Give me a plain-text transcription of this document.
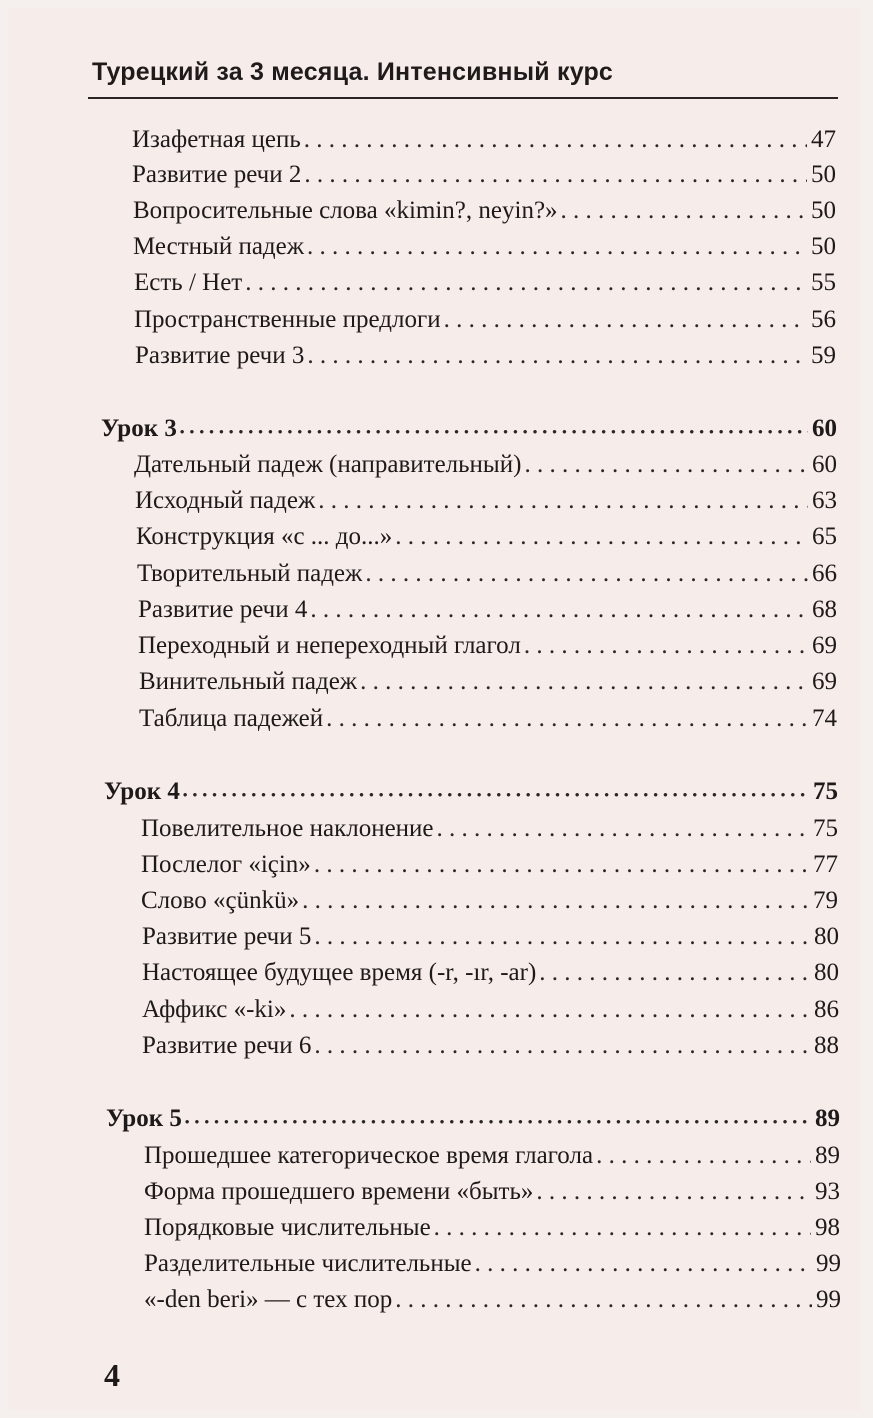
Турецкий за 3 месяца. Интенсивный курс
Изафетная цепь . . .	47
Развитие речи 2 . . .	50
Вопросительные слова «kimin?, neyin?» . . .	50
Местный падеж . . .	50
Есть / Нет . . .	55
Пространственные предлоги . . .	56
Развитие речи 3 . . .	59
Урок 3 • • •	60
Дательный падеж (направительный) . . .	60
Исходный падеж . . .	63
Конструкция «с ... до...» . . .	65
Творительный падеж . . .	66
Развитие речи 4 . . .	68
Переходный и непереходный глагол . . .	69
Винительный падеж . . .	69
Таблица падежей . . .	74
Урок 4 • • •	75
Повелительное наклонение . . .	75
Послелог «için» . . .	77
Слово «çünkü» . . .	79
Развитие речи 5 . . .	80
Настоящее будущее время (-r, -ır, -ar) . . .	80
Аффикс «-ki» . . .	86
Развитие речи 6 . . .	88
Урок 5 • • •	89
Прошедшее категорическое время глагола . . .	89
Форма прошедшего времени «быть» . . .	93
Порядковые числительные . . .	98
Разделительные числительные . . .	99
«-den beri» — с тех пор . . .	99
4
